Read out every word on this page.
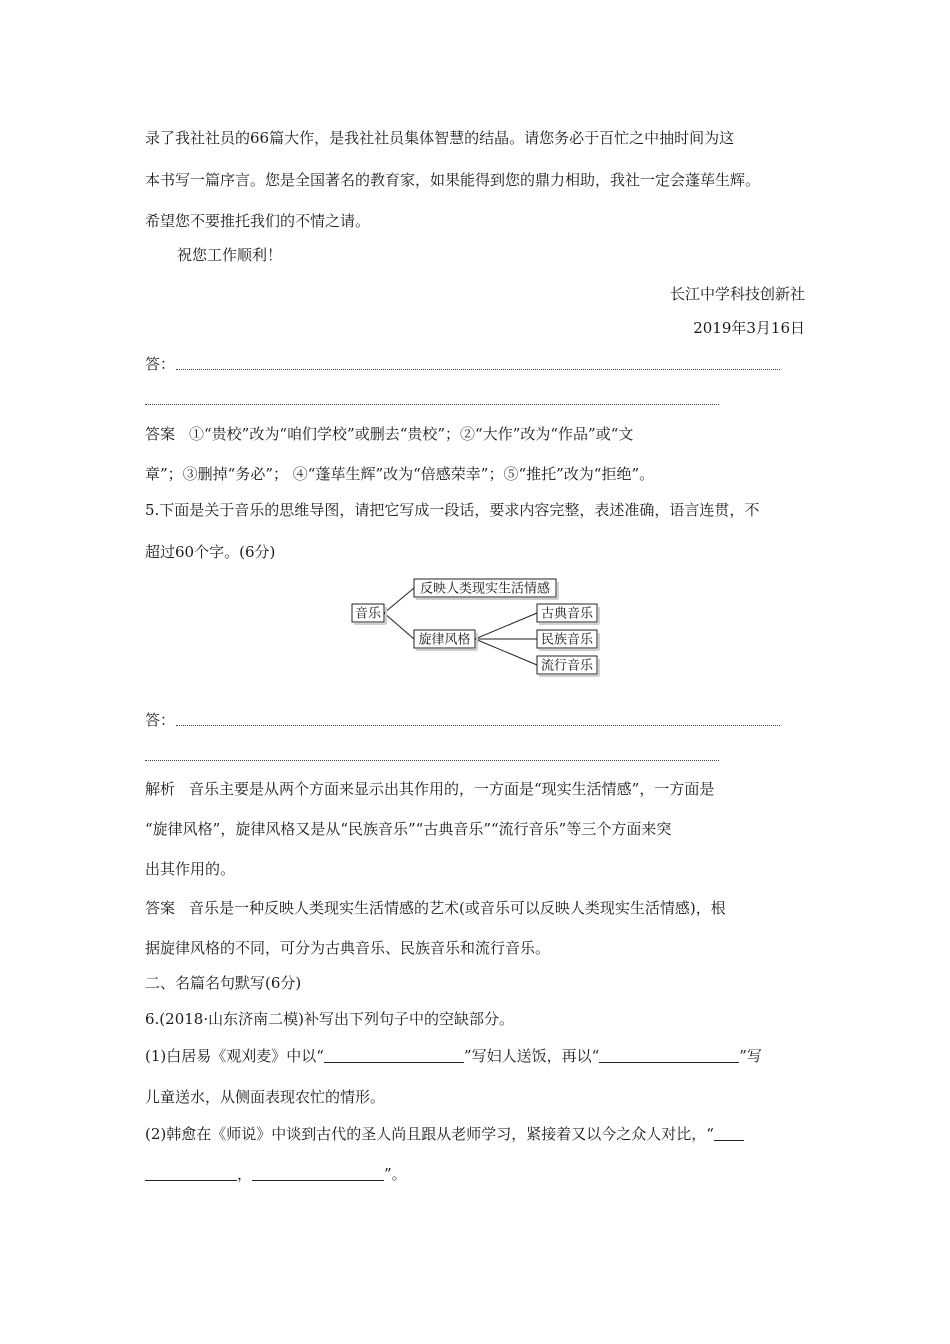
录了我社社员的66篇大作，是我社社员集体智慧的结晶。请您务必于百忙之中抽时间为这
本书写一篇序言。您是全国著名的教育家，如果能得到您的鼎力相助，我社一定会蓬荜生辉。
希望您不要推托我们的不情之请。
祝您工作顺利！
长江中学科技创新社
2019年3月16日
答：
答案 ①“贵校”改为“咱们学校”或删去“贵校”；②“大作”改为“作品”或“文
章”；③删掉“务必”； ④“蓬荜生辉”改为“倍感荣幸”；⑤“推托”改为“拒绝”。
5.下面是关于音乐的思维导图，请把它写成一段话，要求内容完整，表述准确，语言连贯，不
超过60个字。(6分)
音乐
反映人类现实生活情感
旋律风格
古典音乐
民族音乐
流行音乐
答：
解析 音乐主要是从两个方面来显示出其作用的，一方面是“现实生活情感”，一方面是
“旋律风格”，旋律风格又是从“民族音乐”“古典音乐”“流行音乐”等三个方面来突
出其作用的。
答案 音乐是一种反映人类现实生活情感的艺术(或音乐可以反映人类现实生活情感)，根
据旋律风格的不同，可分为古典音乐、民族音乐和流行音乐。
二、名篇名句默写(6分)
6.(2018·山东济南二模)补写出下列句子中的空缺部分。
(1)白居易《观刈麦》中以“	”写妇人送饭，再以“	”写
儿童送水，从侧面表现农忙的情形。
(2)韩愈在《师说》中谈到古代的圣人尚且跟从老师学习，紧接着又以今之众人对比，“
，	”。
